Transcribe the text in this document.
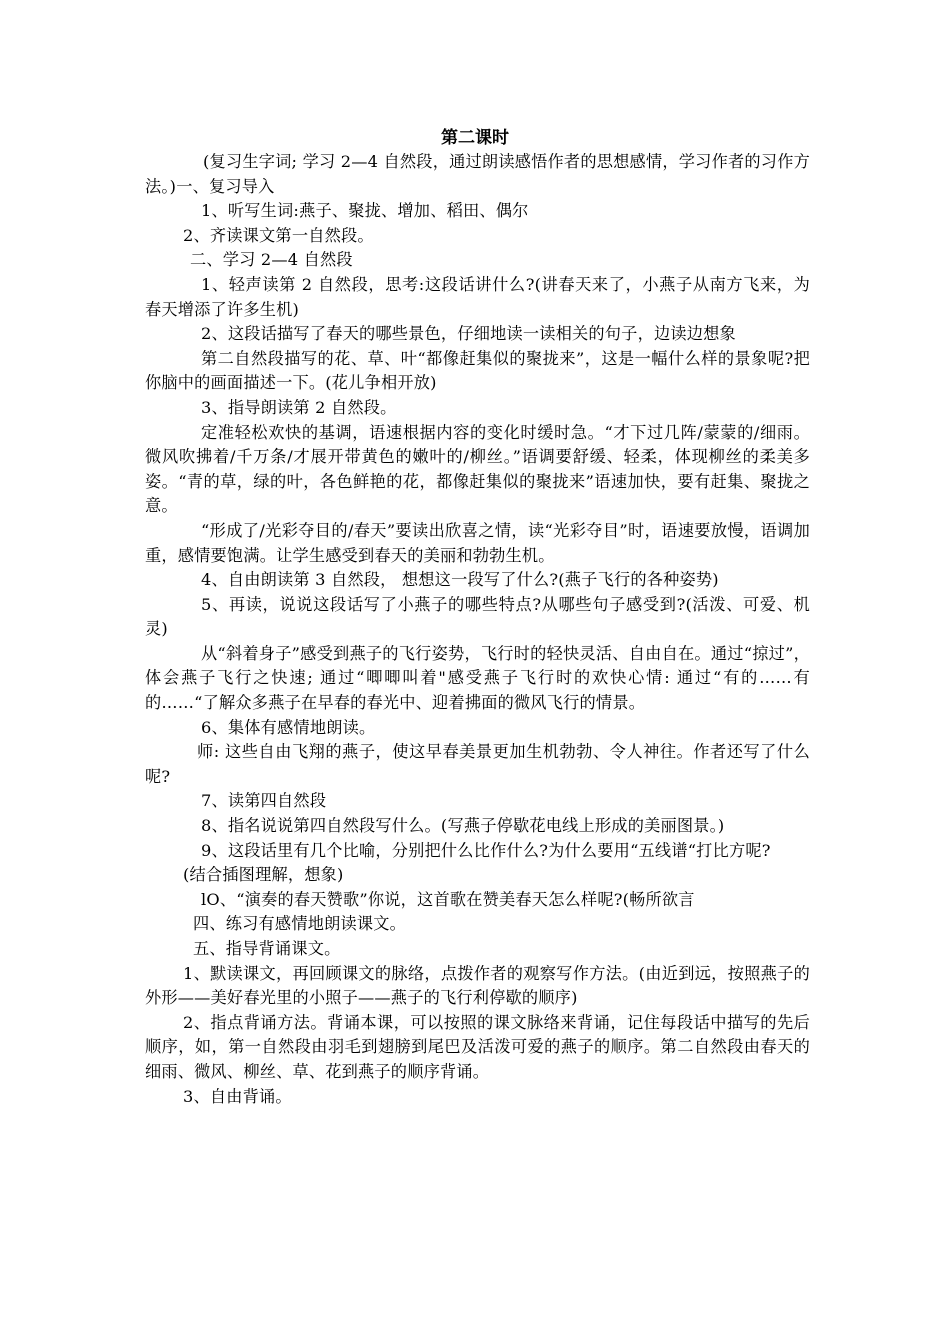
第二课时

(复习生字词; 学习 2—4 自然段，通过朗读感悟作者的思想感情，学习作者的习作方法。)一、复习导入

1、听写生词:燕子、聚拢、增加、稻田、偶尔

2、齐读课文第一自然段。

二、学习 2—4 自然段

1、轻声读第 2 自然段，思考:这段话讲什么?(讲春天来了，小燕子从南方飞来，为春天增添了许多生机)

2、这段话描写了春天的哪些景色，仔细地读一读相关的句子，边读边想象

第二自然段描写的花、草、叶“都像赶集似的聚拢来”，这是一幅什么样的景象呢?把你脑中的画面描述一下。(花儿争相开放)

3、指导朗读第 2 自然段。

定准轻松欢快的基调，语速根据内容的变化时缓时急。“才下过几阵/蒙蒙的/细雨。微风吹拂着/千万条/才展开带黄色的嫩叶的/柳丝。”语调要舒缓、轻柔，体现柳丝的柔美多姿。“青的草，绿的叶，各色鲜艳的花，都像赶集似的聚拢来”语速加快，要有赶集、聚拢之意。

“形成了/光彩夺目的/春天”要读出欣喜之情，读“光彩夺目”时，语速要放慢，语调加重，感情要饱满。让学生感受到春天的美丽和勃勃生机。

4、自由朗读第 3 自然段， 想想这一段写了什么?(燕子飞行的各种姿势)

5、再读，说说这段话写了小燕子的哪些特点?从哪些句子感受到?(活泼、可爱、机灵)

从“斜着身子”感受到燕子的飞行姿势，飞行时的轻快灵活、自由自在。通过“掠过”，体会燕子飞行之快速; 通过“唧唧叫着"感受燕子飞行时的欢快心情: 通过“有的……有的……“了解众多燕子在早春的春光中、迎着拂面的微风飞行的情景。

6、集体有感情地朗读。

师: 这些自由飞翔的燕子，使这早春美景更加生机勃勃、令人神往。作者还写了什么呢?

7、读第四自然段

8、指名说说第四自然段写什么。(写燕子停歇花电线上形成的美丽图景。)

9、这段话里有几个比喻，分别把什么比作什么?为什么要用“五线谱“打比方呢?

(结合插图理解，想象)

lO、“演奏的春天赞歌”你说，这首歌在赞美春天怎么样呢?(畅所欲言

四、练习有感情地朗读课文。

五、指导背诵课文。

1、默读课文，再回顾课文的脉络，点拨作者的观察写作方法。(由近到远，按照燕子的外形——美好春光里的小照子——燕子的飞行利停歇的顺序)

2、指点背诵方法。背诵本课，可以按照的课文脉络来背诵，记住每段话中描写的先后顺序，如，第一自然段由羽毛到翅膀到尾巴及活泼可爱的燕子的顺序。第二自然段由春天的细雨、微风、柳丝、草、花到燕子的顺序背诵。

3、自由背诵。
